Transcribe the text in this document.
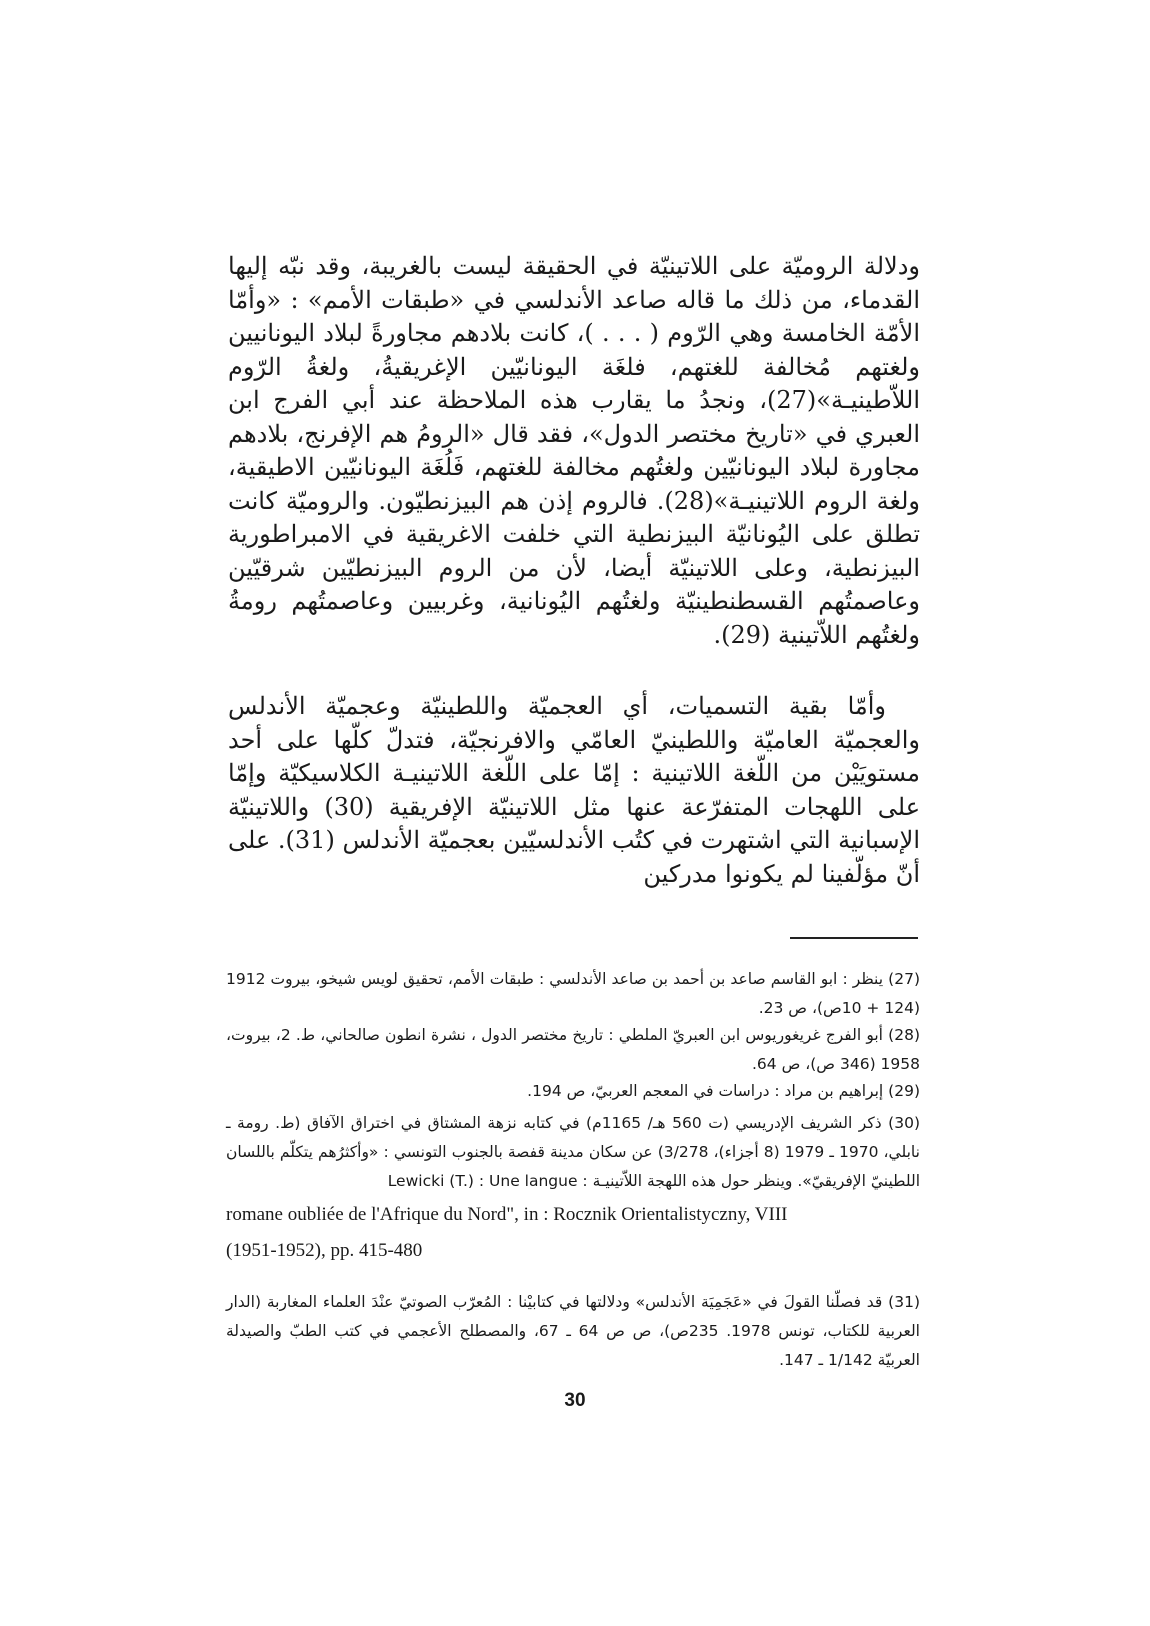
ودلالة الروميّة على اللاتينيّة في الحقيقة ليست بالغريبة، وقد نبّه إليها القدماء، من ذلك ما قاله صاعد الأندلسي في «طبقات الأمم» : «وأمّا الأمّة الخامسة وهي الرّوم ( . . . )، كانت بلادهم مجاورةً لبلاد اليونانيين ولغتهم مُخالفة للغتهم، فلغَة اليونانيّين الإغريقيةُ، ولغةُ الرّوم اللاّطينيـة»(27)، ونجدُ ما يقارب هذه الملاحظة عند أبي الفرج ابن العبري في «تاريخ مختصر الدول»، فقد قال «الرومُ هم الإفرنج، بلادهم مجاورة لبلاد اليونانيّين ولغتُهم مخالفة للغتهم، فَلُغَة اليونانيّين الاطيقية، ولغة الروم اللاتينيـة»(28). فالروم إذن هم البيزنطيّون. والروميّة كانت تطلق على اليُونانيّة البيزنطية التي خلفت الاغريقية في الامبراطورية البيزنطية، وعلى اللاتينيّة أيضا، لأن من الروم البيزنطيّين شرقيّين وعاصمتُهم القسطنطينيّة ولغتُهم اليُونانية، وغربيين وعاصمتُهم رومةُ ولغتُهم اللاّتينية (29).

وأمّا بقية التسميات، أي العجميّة واللطينيّة وعجميّة الأندلس والعجميّة العاميّة واللطينيّ العامّي والافرنجيّة، فتدلّ كلّها على أحد مستويَيْن من اللّغة اللاتينية : إمّا على اللّغة اللاتينيـة الكلاسيكيّة وإمّا على اللهجات المتفرّعة عنها مثل اللاتينيّة الإفريقية (30) واللاتينيّة الإسبانية التي اشتهرت في كتُب الأندلسيّين بعجميّة الأندلس (31). على أنّ مؤلّفينا لم يكونوا مدركين

(27) ينظر : ابو القاسم صاعد بن أحمد بن صاعد الأندلسي : طبقات الأمم، تحقيق لويس شيخو، بيروت 1912 (124 + 10ص)، ص 23.

(28) أبو الفرج غريغوريوس ابن العبريّ الملطي : تاريخ مختصر الدول ، نشرة انطون صالحاني، ط. 2، بيروت، 1958 (346 ص)، ص 64.

(29) إبراهيم بن مراد : دراسات في المعجم العربيّ، ص 194.

(30) ذكر الشريف الإدريسي (ت 560 هـ/ 1165م) في كتابه نزهة المشتاق في اختراق الآفاق (ط. رومة ـ نابلي، 1970 ـ 1979 (8 أجزاء)، 3/278) عن سكان مدينة قفصة بالجنوب التونسي : «وأكثرُهم يتكلّم باللسان اللطينيّ الإفريقيّ». وينظر حول هذه اللهجة اللاّتينيـة : Lewicki (T.) : Une langue

romane oubliée de l'Afrique du Nord", in : Rocznik Orientalistyczny, VIII

(1951-1952), pp. 415-480

(31) قد فصلّنا القولَ في «عَجَمِيَة الأندلس» ودلالتها في كتابيْنا : المُعرّب الصوتيّ عنْدَ العلماء المغاربة (الدار العربية للكتاب، تونس 1978. 235ص)، ص ص 64 ـ 67، والمصطلح الأعجمي في كتب الطبّ والصيدلة العربيّة 1/142 ـ 147.

30
